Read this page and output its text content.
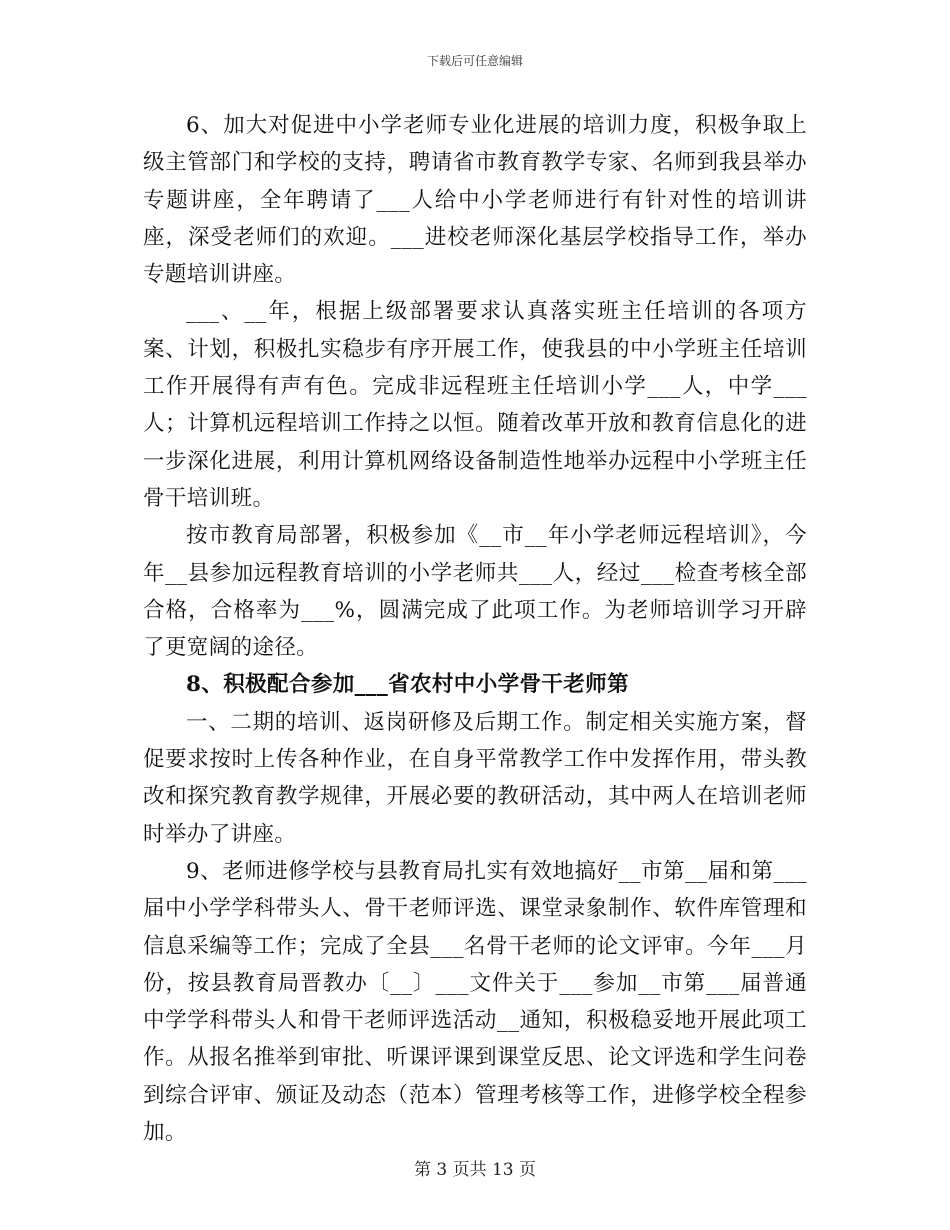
下载后可任意编辑

6、加大对促进中小学老师专业化进展的培训力度，积极争取上级主管部门和学校的支持，聘请省市教育教学专家、名师到我县举办专题讲座，全年聘请了___人给中小学老师进行有针对性的培训讲座，深受老师们的欢迎。___进校老师深化基层学校指导工作，举办专题培训讲座。

___、__年，根据上级部署要求认真落实班主任培训的各项方案、计划，积极扎实稳步有序开展工作，使我县的中小学班主任培训工作开展得有声有色。完成非远程班主任培训小学___人，中学___人；计算机远程培训工作持之以恒。随着改革开放和教育信息化的进一步深化进展，利用计算机网络设备制造性地举办远程中小学班主任骨干培训班。

按市教育局部署，积极参加《__市__年小学老师远程培训》，今年__县参加远程教育培训的小学老师共___人，经过___检查考核全部合格，合格率为___%，圆满完成了此项工作。为老师培训学习开辟了更宽阔的途径。

8、积极配合参加___省农村中小学骨干老师第

一、二期的培训、返岗研修及后期工作。制定相关实施方案，督促要求按时上传各种作业，在自身平常教学工作中发挥作用，带头教改和探究教育教学规律，开展必要的教研活动，其中两人在培训老师时举办了讲座。

9、老师进修学校与县教育局扎实有效地搞好__市第__届和第___届中小学学科带头人、骨干老师评选、课堂录象制作、软件库管理和信息采编等工作；完成了全县___名骨干老师的论文评审。今年___月份，按县教育局晋教办〔__〕___文件关于___参加__市第___届普通中学学科带头人和骨干老师评选活动__通知，积极稳妥地开展此项工作。从报名推举到审批、听课评课到课堂反思、论文评选和学生问卷到综合评审、颁证及动态（范本）管理考核等工作，进修学校全程参加。

第 3 页共 13 页
